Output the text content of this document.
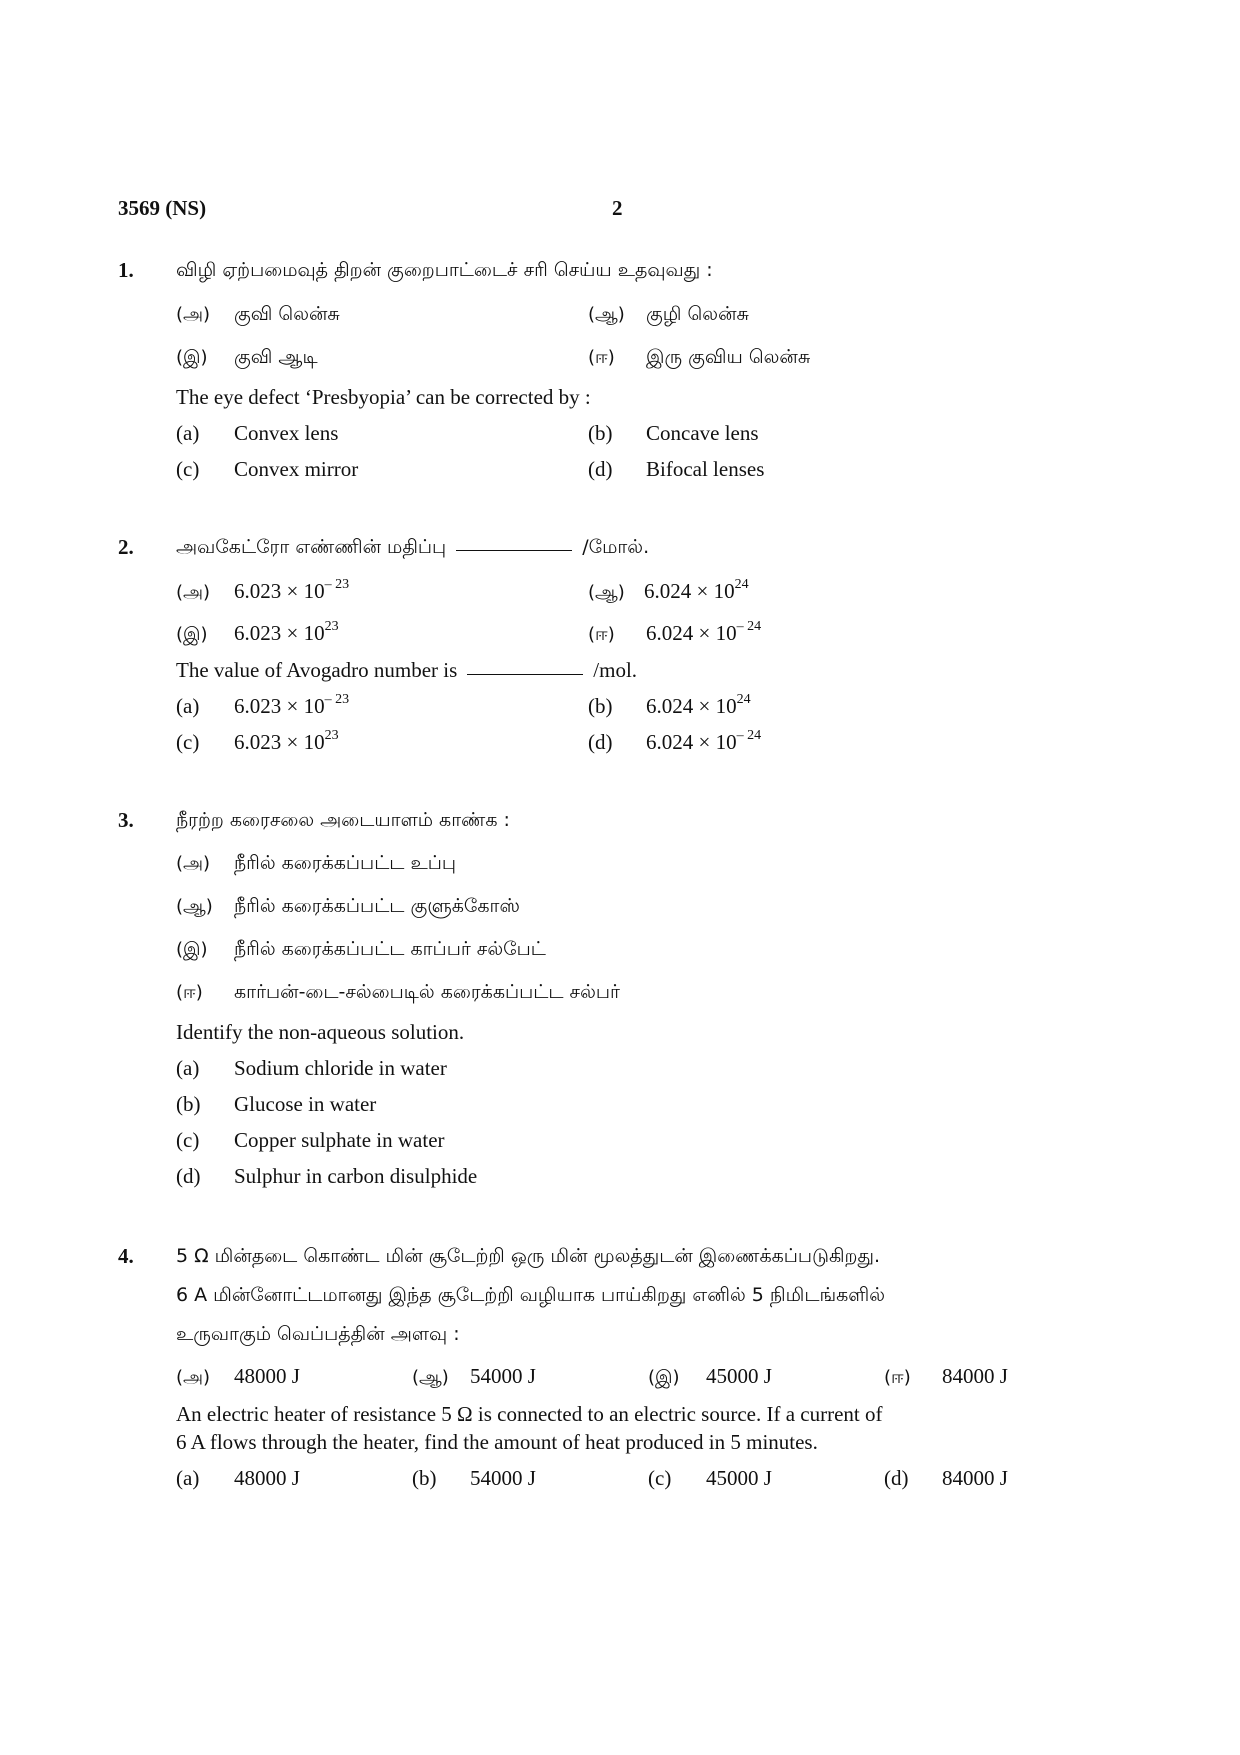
3569 (NS)	2
1. விழி ஏற்பமைவுத் திறன் குறைபாட்டைச் சரி செய்ய உதவுவது :
(அ) குவி லென்சு	(ஆ) குழி லென்சு
(இ) குவி ஆடி	(ஈ) இரு குவிய லென்சு
The eye defect ‘Presbyopia’ can be corrected by :
(a) Convex lens	(b) Concave lens
(c) Convex mirror	(d) Bifocal lenses
2. அவகேட்ரோ எண்ணின் மதிப்பு	/மோல்.
(அ) $6.023 \times 10^{- 23}$	(ஆ) $6.024 \times 10^{24}$
(இ) $6.023 \times 10^{23}$	(ஈ) $6.024 \times 10^{- 24}$
The value of Avogadro number is	/mol.
(a) $6.023 \times 10^{- 23}$	(b) $6.024 \times 10^{24}$
(c) $6.023 \times 10^{23}$	(d) $6.024 \times 10^{- 24}$
3. நீரற்ற கரைசலை அடையாளம் காண்க :
(அ) நீரில் கரைக்கப்பட்ட உப்பு
(ஆ) நீரில் கரைக்கப்பட்ட குளுக்கோஸ்
(இ) நீரில் கரைக்கப்பட்ட காப்பர் சல்பேட்
(ஈ) கார்பன்-டை-சல்பைடில் கரைக்கப்பட்ட சல்பர்
Identify the non-aqueous solution.
(a) Sodium chloride in water
(b) Glucose in water
(c) Copper sulphate in water
(d) Sulphur in carbon disulphide
4. 5 Ω மின்தடை கொண்ட மின் சூடேற்றி ஒரு மின் மூலத்துடன் இணைக்கப்படுகிறது.
6 A மின்னோட்டமானது இந்த சூடேற்றி வழியாக பாய்கிறது எனில் 5 நிமிடங்களில்
உருவாகும் வெப்பத்தின் அளவு :
(அ) 48000 J	(ஆ) 54000 J	(இ) 45000 J	(ஈ) 84000 J
An electric heater of resistance 5 Ω is connected to an electric source. If a current of
6 A flows through the heater, find the amount of heat produced in 5 minutes.
(a) 48000 J	(b) 54000 J	(c) 45000 J	(d) 84000 J
